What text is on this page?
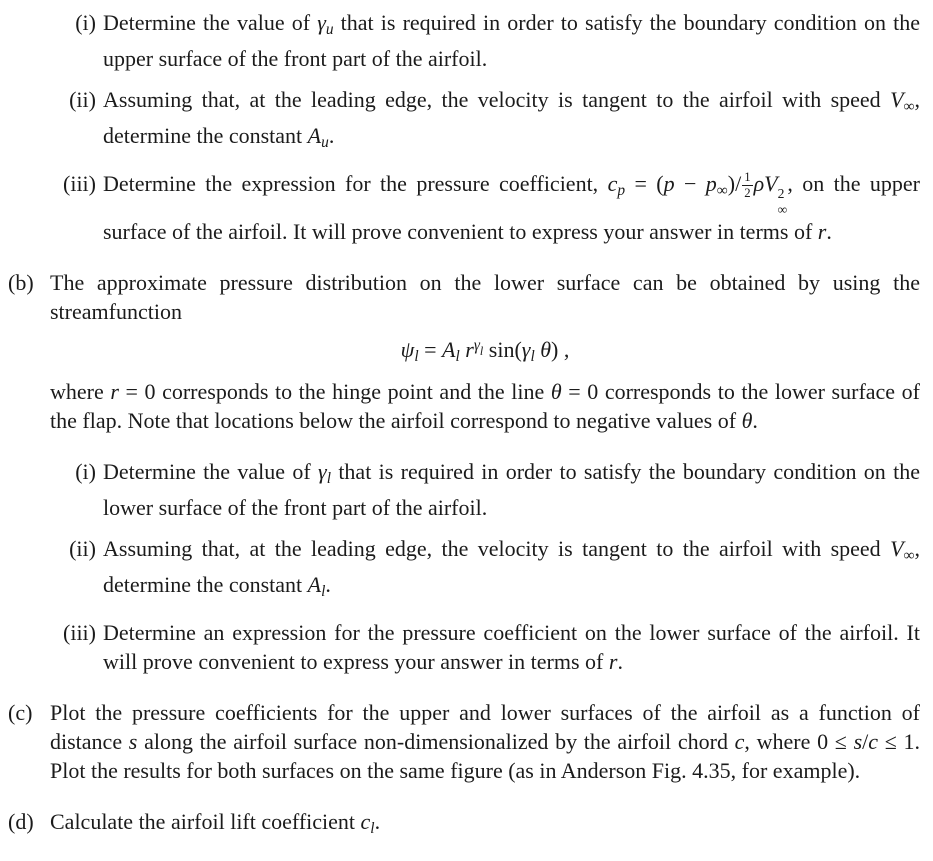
(i) Determine the value of γu that is required in order to satisfy the boundary condition on the upper surface of the front part of the airfoil.
(ii) Assuming that, at the leading edge, the velocity is tangent to the airfoil with speed V∞, determine the constant Au.
(iii) Determine the expression for the pressure coefficient, cp = $(p - p\infty)/ \frac{1}{2}$ ρV 2
∞
, on the upper surface of the airfoil. It will prove convenient to express your answer in terms of r.
(b) The approximate pressure distribution on the lower surface can be obtained by using the streamfunction
ψl = Al $r^\gamma l$ sin(γl θ) ,
where r = 0 corresponds to the hinge point and the line θ = 0 corresponds to the lower surface of the flap. Note that locations below the airfoil correspond to negative values of θ.
(i) Determine the value of γl that is required in order to satisfy the boundary condition on the lower surface of the front part of the airfoil.
(ii) Assuming that, at the leading edge, the velocity is tangent to the airfoil with speed V∞, determine the constant Al.
(iii) Determine an expression for the pressure coefficient on the lower surface of the airfoil. It will prove convenient to express your answer in terms of r.
(c) Plot the pressure coefficients for the upper and lower surfaces of the airfoil as a function of distance s along the airfoil surface non-dimensionalized by the airfoil chord c, where 0 ≤ s/c ≤ 1. Plot the results for both surfaces on the same figure (as in Anderson Fig. 4.35, for example).
(d) Calculate the airfoil lift coefficient cl.
